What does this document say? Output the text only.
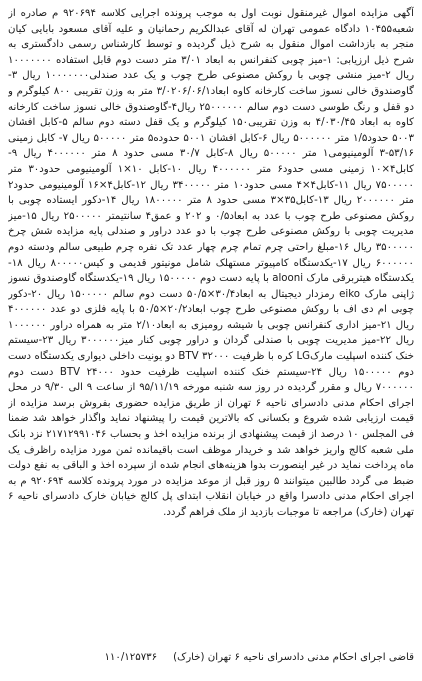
آگهی مزایده اموال غیرمنقول نوبت اول به موجب پرونده اجرایی کلاسه ۹۲۰۶۹۴ م صادره از شعبه۱۰۴۵۵ دادگاه عمومی تهران له آقای عبدالکریم رحمانیان و علیه آقای مسعود بابایی کیان منجر به بازداشت اموال منقول به شرح ذیل گردیده و توسط کارشناس رسمی دادگستری به شرح ذیل ارزیابی: ۱-میز چوبی کنفرانس به ابعاد ۳/۰۱ متر دست دوم قابل استفاده ۱۰۰۰۰۰۰۰ ریال ۲-میز منشی چوبی با روکش مصنوعی طرح چوب و یک عدد صندلی۱۰۰۰۰۰۰۰ ریال ۳-گاوصندوق خالی نسوز ساخت کارخانه کاوه ابعاد۳/۰۲۰۶/۰۶/۱ متر به وزن تقریبی ۸۰۰ کیلوگرم و دو قفل و رنگ طوسی دست دوم سالم ۲۵۰۰۰۰۰۰ ریال۴-گاوصندوق خالی نسوز ساخت کارخانه کاوه به ابعاد ۴/۰۳۰/۴۵ به وزن تقریبی۱۵۰ کیلوگرم و یک قفل دسته دوم سالم ۵-کابل افشان ۵۰۰۳ حدود۱/۵ متر ۵۰۰۰۰۰۰ ریال ۶-کابل افشان ۵۰۰۱ حدوده۵ متر ۵۰۰۰۰۰ ریال ۷- کابل زمینی ۵۳/۱۶-۳ آلومینیومی۱ متر ۵۰۰۰۰۰ ریال ۸-کابل ۳۰/۷ مسی حدود ۸ متر ۴۰۰۰۰۰۰ ریال ۹-کابل۴×۱۰ زمینی مسی حدود۶ متر ۴۰۰۰۰۰۰ ریال ۱۰-کابل ۱۰×۱ آلومینیومی حدود۳۰ متر ۷۵۰۰۰۰۰ ریال ۱۱-کابل۴×۴ مسی حدود۱۰ متر ۳۴۰۰۰۰۰ ریال ۱۲-کابل۴×۱۶ آلومینیومی حدود۲ متر ۲۰۰۰۰۰۰ ریال ۱۳-کابل۳۵×۳ مسی حدود ۸ متر ۱۸۰۰۰۰۰ ریال ۱۴-دکور ایستاده چوبی با روکش مصنوعی طرح چوب با عدد به ابعاد۰/۵ و ۲۰۲ و عمق۴ سانتیمتر ۲۵۰۰۰۰۰ ریال ۱۵-میز مدیریت چوبی با روکش مصنوعی طرح چوب با دو عدد دراور و صندلی پایه مزایده شش چرخ ۳۵۰۰۰۰۰ ریال ۱۶-مبلغ راحتی چرم تمام چرم چهار عدد تک نفره چرم طبیعی سالم ودسته دوم ۶۰۰۰۰۰۰ ریال ۱۷-یکدستگاه کامپیوتر مستهلک شامل مونیتور قدیمی و کیس۸۰۰۰۰۰ ریال ۱۸-یکدستگاه هیتربرقی مارک alooni با پایه دست دوم ۱۵۰۰۰۰۰ ریال ۱۹-یکدستگاه گاوصندوق نسوز ژاپنی مارک eiko رمزدار دیجیتال به ابعاد۳۰/۴×۵۰/۵ دست دوم سالم ۱۵۰۰۰۰۰ ریال ۲۰-دکور چوبی ام دی اف با روکش مصنوعی طرح چوب ابعاد۲۰/۲×۵۰/۵ با پایه فلزی دو عدد ۴۰۰۰۰۰۰ ریال ۲۱-میز اداری کنفرانس چوبی با شیشه رومیزی به ابعاد۲/۱۰ متر به همراه دراور ۱۰۰۰۰۰۰ ریال ۲۲-میز مدیریت چوبی با صندلی گردان و دراور چوبی کنار میز۳۰۰۰۰۰۰ ریال ۲۳-سیستم خنک کننده اسپلیت مارکLG کره با ظرفیت BTV ۳۲۰۰۰ دو یونیت داخلی دیواری یکدستگاه دست دوم ۱۵۰۰۰۰۰ ریال ۲۴-سیستم خنک کننده اسپلیت ظرفیت حدود BTV ۲۴۰۰۰ دست دوم ۷۰۰۰۰۰۰ ریال و مقرر گردیده در روز سه شنبه مورخه ۹۵/۱۱/۱۹ از ساعت ۹ الی ۹/۳۰ در محل اجرای احکام مدنی دادسرای ناحیه ۶ تهران از طریق مزایده حضوری بفروش برسد مزایده از قیمت ارزیابی شده شروع و بکسانی که بالاترین قیمت را پیشنهاد نماید واگذار خواهد شد ضمنا فی المجلس ۱۰ درصد از قیمت پیشنهادی از برنده مزایده اخذ و بحساب ۲۱۷۱۲۹۹۱۰۴۶ نزد بانک ملی شعبه کالج واریز خواهد شد و خریدار موظف است باقیمانده ثمن مورد مزایده راظرف یک ماه پرداخت نماید در غیر اینصورت بدوا هزینه‌های انجام شده از سپرده اخذ و الباقی به نفع دولت ضبط می گردد طالبین میتوانند ۵ روز قبل از موعد مزایده در مورد پرونده کلاسه ۹۲۰۶۹۴ م به اجرای احکام مدنی دادسرا واقع در خیابان انقلاب ابتدای پل کالج خیابان خارک دادسرای ناحیه ۶ تهران (خارک) مراجعه تا موجبات بازدید از ملک فراهم گردد.

قاضی اجرای احکام مدنی دادسرای ناحیه ۶ تهران (خارک)
۱۱۰/۱۲۵۷۳۶
